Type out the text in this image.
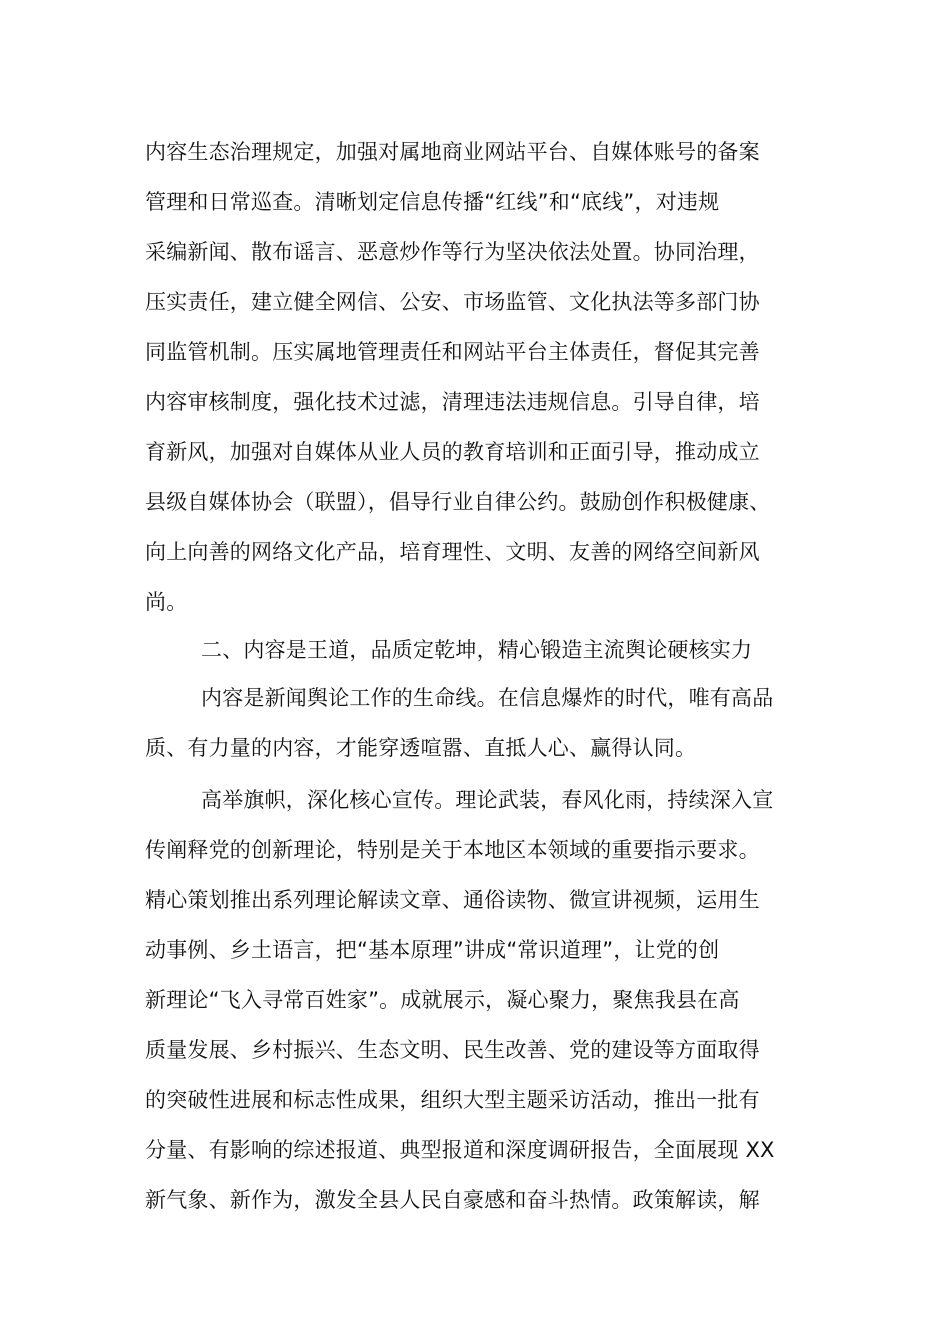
内容生态治理规定，加强对属地商业网站平台、自媒体账号的备案
管理和日常巡查。清晰划定信息传播“红线”和“底线”，对违规
采编新闻、散布谣言、恶意炒作等行为坚决依法处置。协同治理，
压实责任，建立健全网信、公安、市场监管、文化执法等多部门协
同监管机制。压实属地管理责任和网站平台主体责任，督促其完善
内容审核制度，强化技术过滤，清理违法违规信息。引导自律，培
育新风，加强对自媒体从业人员的教育培训和正面引导，推动成立
县级自媒体协会（联盟），倡导行业自律公约。鼓励创作积极健康、
向上向善的网络文化产品，培育理性、文明、友善的网络空间新风
尚。
二、内容是王道，品质定乾坤，精心锻造主流舆论硬核实力
内容是新闻舆论工作的生命线。在信息爆炸的时代，唯有高品
质、有力量的内容，才能穿透喧嚣、直抵人心、赢得认同。
高举旗帜，深化核心宣传。理论武装，春风化雨，持续深入宣
传阐释党的创新理论，特别是关于本地区本领域的重要指示要求。
精心策划推出系列理论解读文章、通俗读物、微宣讲视频，运用生
动事例、乡土语言，把“基本原理”讲成“常识道理”，让党的创
新理论“飞入寻常百姓家”。成就展示，凝心聚力，聚焦我县在高
质量发展、乡村振兴、生态文明、民生改善、党的建设等方面取得
的突破性进展和标志性成果，组织大型主题采访活动，推出一批有
分量、有影响的综述报道、典型报道和深度调研报告，全面展现 XX
新气象、新作为，激发全县人民自豪感和奋斗热情。政策解读，解
